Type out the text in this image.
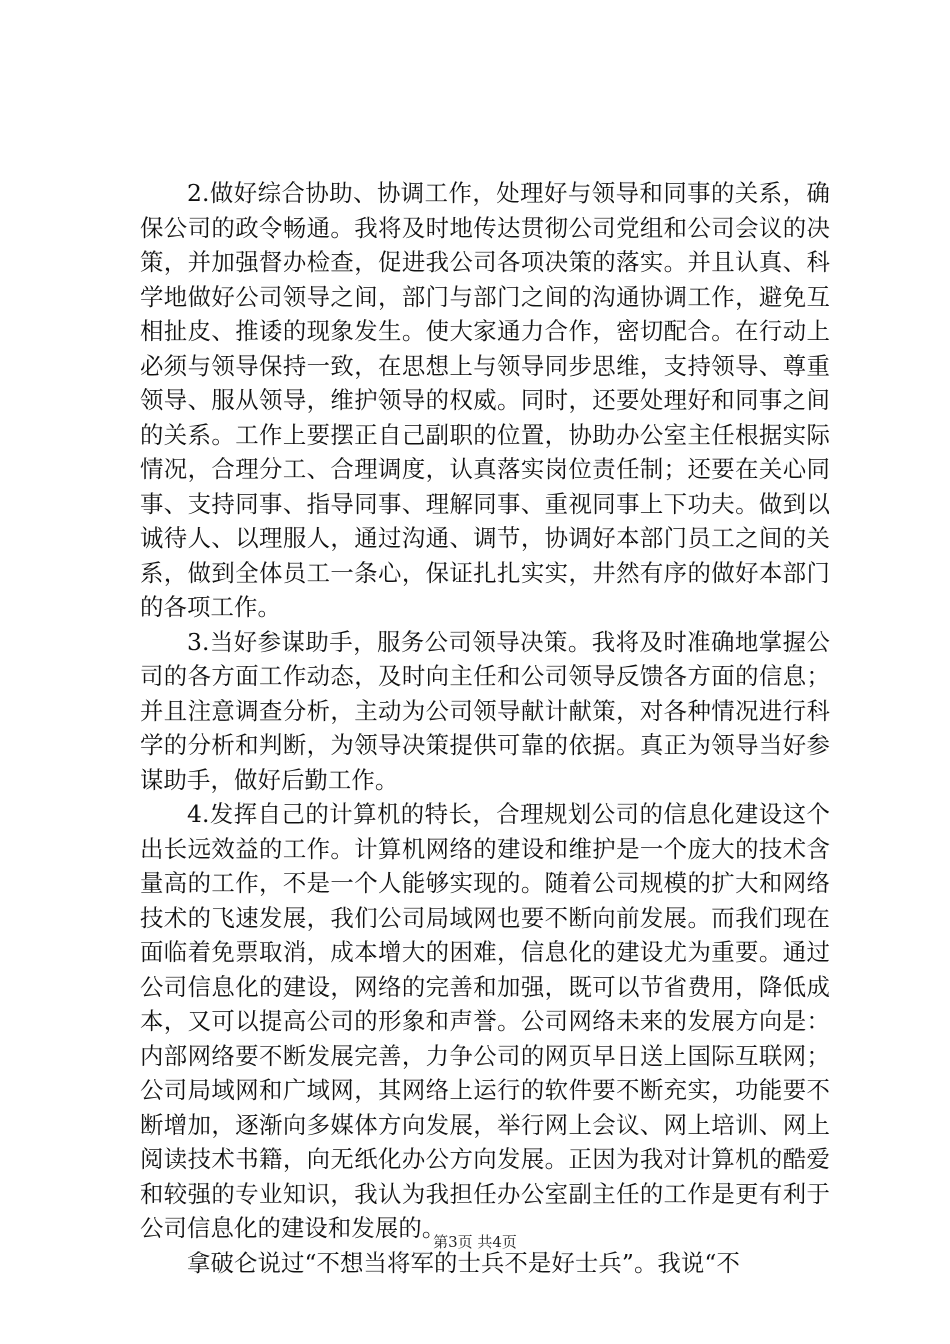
2.做好综合协助、协调工作，处理好与领导和同事的关系，确保公司的政令畅通。我将及时地传达贯彻公司党组和公司会议的决策，并加强督办检查，促进我公司各项决策的落实。并且认真、科学地做好公司领导之间，部门与部门之间的沟通协调工作，避免互相扯皮、推诿的现象发生。使大家通力合作，密切配合。在行动上必须与领导保持一致，在思想上与领导同步思维，支持领导、尊重领导、服从领导，维护领导的权威。同时，还要处理好和同事之间的关系。工作上要摆正自己副职的位置，协助办公室主任根据实际情况，合理分工、合理调度，认真落实岗位责任制；还要在关心同事、支持同事、指导同事、理解同事、重视同事上下功夫。做到以诚待人、以理服人，通过沟通、调节，协调好本部门员工之间的关系，做到全体员工一条心，保证扎扎实实，井然有序的做好本部门的各项工作。

3.当好参谋助手，服务公司领导决策。我将及时准确地掌握公司的各方面工作动态，及时向主任和公司领导反馈各方面的信息；并且注意调查分析，主动为公司领导献计献策，对各种情况进行科学的分析和判断，为领导决策提供可靠的依据。真正为领导当好参谋助手，做好后勤工作。

4.发挥自己的计算机的特长，合理规划公司的信息化建设这个出长远效益的工作。计算机网络的建设和维护是一个庞大的技术含量高的工作，不是一个人能够实现的。随着公司规模的扩大和网络技术的飞速发展，我们公司局域网也要不断向前发展。而我们现在面临着免票取消，成本增大的困难，信息化的建设尤为重要。通过公司信息化的建设，网络的完善和加强，既可以节省费用，降低成本，又可以提高公司的形象和声誉。公司网络未来的发展方向是：内部网络要不断发展完善，力争公司的网页早日送上国际互联网；公司局域网和广域网，其网络上运行的软件要不断充实，功能要不断增加，逐渐向多媒体方向发展，举行网上会议、网上培训、网上阅读技术书籍，向无纸化办公方向发展。正因为我对计算机的酷爱和较强的专业知识，我认为我担任办公室副主任的工作是更有利于公司信息化的建设和发展的。

拿破仑说过“不想当将军的士兵不是好士兵”。我说“不

第3页 共4页
